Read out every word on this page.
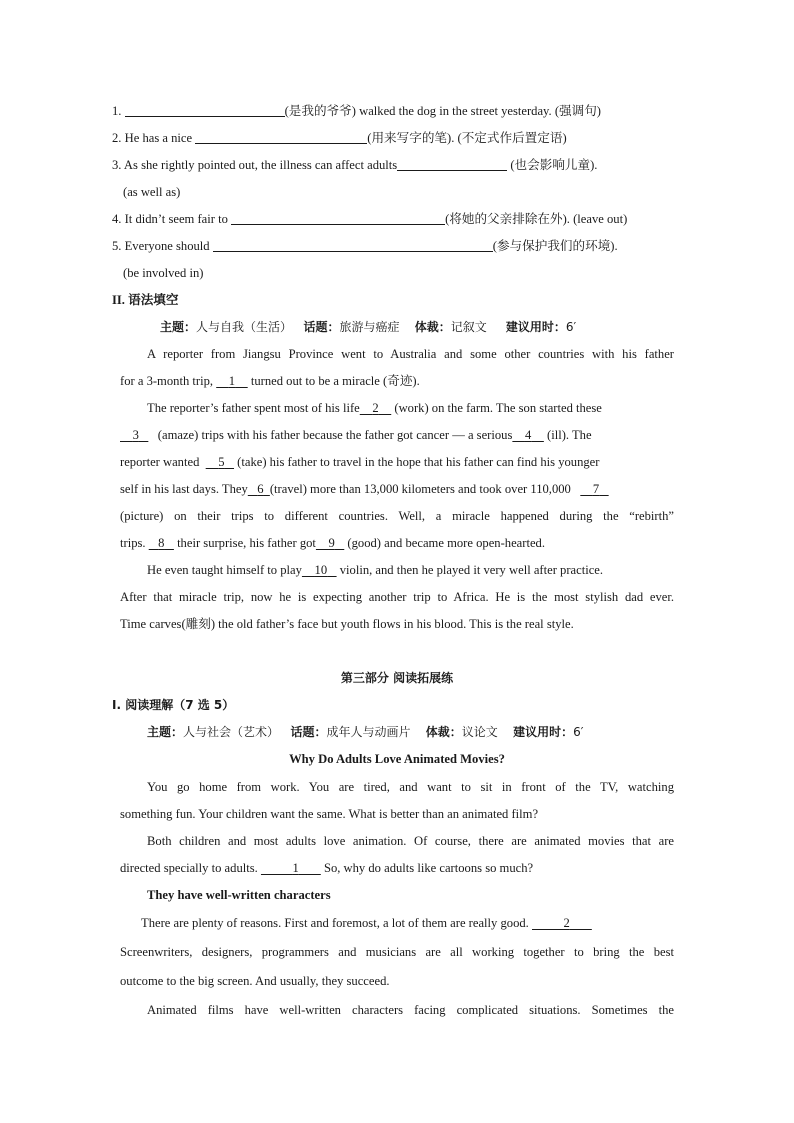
1.	(是我的爷爷) walked the dog in the street yesterday. (强调句)
2. He has a nice	(用来写字的笔). (不定式作后置定语)
3. As she rightly pointed out, the illness can affect adults	(也会影响儿童).
(as well as)
4. It didn’t seem fair to	(将她的父亲排除在外). (leave out)
5. Everyone should	(参与保护我们的环境).
(be involved in)
II. 语法填空
主题：人与自我（生活） 话题：旅游与癌症 体裁：记叙文 建议用时：6′
A reporter from Jiangsu Province went to Australia and some other countries with his father
for a 3-month trip, 1 turned out to be a miracle (奇迹).
The reporter’s father spent most of his life 2 (work) on the farm. The son started these
3 (amaze) trips with his father because the father got cancer — a serious 4 (ill). The
reporter wanted 5 (take) his father to travel in the hope that his father can find his younger
self in his last days. They 6 (travel) more than 13,000 kilometers and took over 110,000 7
(picture) on their trips to different countries. Well, a miracle happened during the “rebirth”
trips. 8 their surprise, his father got 9 (good) and became more open-hearted.
He even taught himself to play 10 violin, and then he played it very well after practice.
After that miracle trip, now he is expecting another trip to Africa. He is the most stylish dad ever.
Time carves(雕刻) the old father’s face but youth flows in his blood. This is the real style.
第三部分 阅读拓展练
I. 阅读理解（7 选 5）
主题：人与社会（艺术） 话题：成年人与动画片 体裁：议论文 建议用时：6′
Why Do Adults Love Animated Movies?
You go home from work. You are tired, and want to sit in front of the TV, watching
something fun. Your children want the same. What is better than an animated film?
Both children and most adults love animation. Of course, there are animated movies that are
directed specially to adults.	1 So, why do adults like cartoons so much?
They have well-written characters
There are plenty of reasons. First and foremost, a lot of them are really good.	2
Screenwriters, designers, programmers and musicians are all working together to bring the best
outcome to the big screen. And usually, they succeed.
Animated films have well-written characters facing complicated situations. Sometimes the
